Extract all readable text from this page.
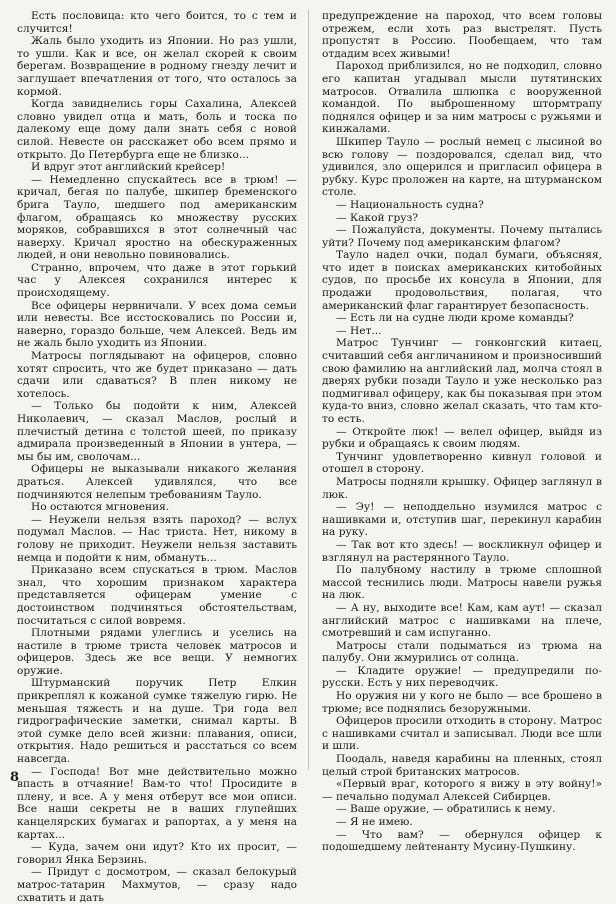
Есть пословица: кто чего боится, то с тем и случится!

Жаль было уходить из Японии. Но раз ушли, то ушли. Как и все, он желал скорей к своим берегам. Возвращение в родному гнезду лечит и заглушает впечатления от того, что осталось за кормой.

Когда завиднелись горы Сахалина, Алексей словно увидел отца и мать, боль и тоска по далекому еще дому дали знать себя с новой силой. Невесте он расскажет обо всем прямо и открыто. До Петербурга еще не близко...

И вдруг этот английский крейсер!

— Немедленно спускайтесь все в трюм! — кричал, бегая по палубе, шкипер бременского брига Тауло, шедшего под американским флагом, обращаясь ко множеству русских моряков, собравшихся в этот солнечный час наверху. Кричал яростно на обескураженных людей, и они невольно повиновались.

Странно, впрочем, что даже в этот горький час у Алексея сохранился интерес к происходящему.

Все офицеры нервничали. У всех дома семьи или невесты. Все исстосковались по России и, наверно, гораздо больше, чем Алексей. Ведь им не жаль было уходить из Японии.

Матросы поглядывают на офицеров, словно хотят спросить, что же будет приказано — дать сдачи или сдаваться? В плен никому не хотелось.

— Только бы подойти к ним, Алексей Николаевич, — сказал Маслов, рослый и плечистый детина с толстой шеей, по приказу адмирала произведенный в Японии в унтера, — мы бы им, сволочам...

Офицеры не выказывали никакого желания драться. Алексей удивлялся, что все подчиняются нелепым требованиям Тауло.

Но остаются мгновения.

— Неужели нельзя взять пароход? — вслух подумал Маслов. — Нас триста. Нет, никому в голову не приходит. Неужели нельзя заставить немца и подойти к ним, обмануть...

Приказано всем спускаться в трюм. Маслов знал, что хорошим признаком характера представляется офицерам умение с достоинством подчиняться обстоятельствам, посчитаться с силой вовремя.

Плотными рядами улеглись и уселись на настиле в трюме триста человек матросов и офицеров. Здесь же все вещи. У немногих оружие.

Штурманский поручик Петр Елкин прикреплял к кожаной сумке тяжелую гирю. Не меньшая тяжесть и на душе. Три года вел гидрографические заметки, снимал карты. В этой сумке дело всей жизни: плавания, описи, открытия. Надо решиться и расстаться со всем навсегда.

— Господа! Вот мне действительно можно впасть в отчаяние! Вам-то что! Просидите в плену, и все. А у меня отберут все мои описи. Все наши секреты не в ваших глупейших канцелярских бумагах и рапортах, а у меня на картах...

— Куда, зачем они идут? Кто их просит, — говорил Янка Берзинь.

— Придут с досмотром, — сказал белокурый матрос-татарин Махмутов, — сразу надо схватить и дать

предупреждение на пароход, что всем головы отрежем, если хоть раз выстрелят. Пусть пропустят в Россию. Пообещаем, что там отдадим всех живыми!

Пароход приблизился, но не подходил, словно его капитан угадывал мысли путятинских матросов. Отвалила шлюпка с вооруженной командой. По выброшенному штормтрапу поднялся офицер и за ним матросы с ружьями и кинжалами.

Шкипер Тауло — рослый немец с лысиной во всю голову — поздоровался, сделал вид, что удивился, зло ощерился и пригласил офицера в рубку. Курс проложен на карте, на штурманском столе.

— Национальность судна?

— Какой груз?

— Пожалуйста, документы. Почему пытались уйти? Почему под американским флагом?

Тауло надел очки, подал бумаги, объясняя, что идет в поисках американских китобойных судов, по просьбе их консула в Японии, для продажи продовольствия, полагая, что американский флаг гарантирует безопасность.

— Есть ли на судне люди кроме команды?

— Нет...

Матрос Тунчинг — гонконгский китаец, считавший себя англичанином и произносивший свою фамилию на английский лад, молча стоял в дверях рубки позади Тауло и уже несколько раз подмигивал офицеру, как бы показывая при этом куда-то вниз, словно желал сказать, что там кто-то есть.

— Откройте люк! — велел офицер, выйдя из рубки и обращаясь к своим людям.

Тунчинг удовлетворенно кивнул головой и отошел в сторону.

Матросы подняли крышку. Офицер заглянул в люк.

— Эу! — неподдельно изумился матрос с нашивками и, отступив шаг, перекинул карабин на руку.

— Так вот кто здесь! — воскликнул офицер и взглянул на растерянного Тауло.

По палубному настилу в трюме сплошной массой теснились люди. Матросы навели ружья на люк.

— А ну, выходите все! Кам, кам аут! — сказал английский матрос с нашивками на плече, смотревший и сам испуганно.

Матросы стали подыматься из трюма на палубу. Они жмурились от солнца.

— Кладите оружие! — предупредили по-русски. Есть у них переводчик.

Но оружия ни у кого не было — все брошено в трюме; все поднялись безоружными.

Офицеров просили отходить в сторону. Матрос с нашивками считал и записывал. Люди все шли и шли.

Поодаль, наведя карабины на пленных, стоял целый строй британских матросов.

«Первый враг, которого я вижу в эту войну!» — печально подумал Алексей Сибирцев.

— Ваше оружие, — обратились к нему.

— Я не имею.

— Что вам? — обернулся офицер к подошедшему лейтенанту Мусину-Пушкину.

8
